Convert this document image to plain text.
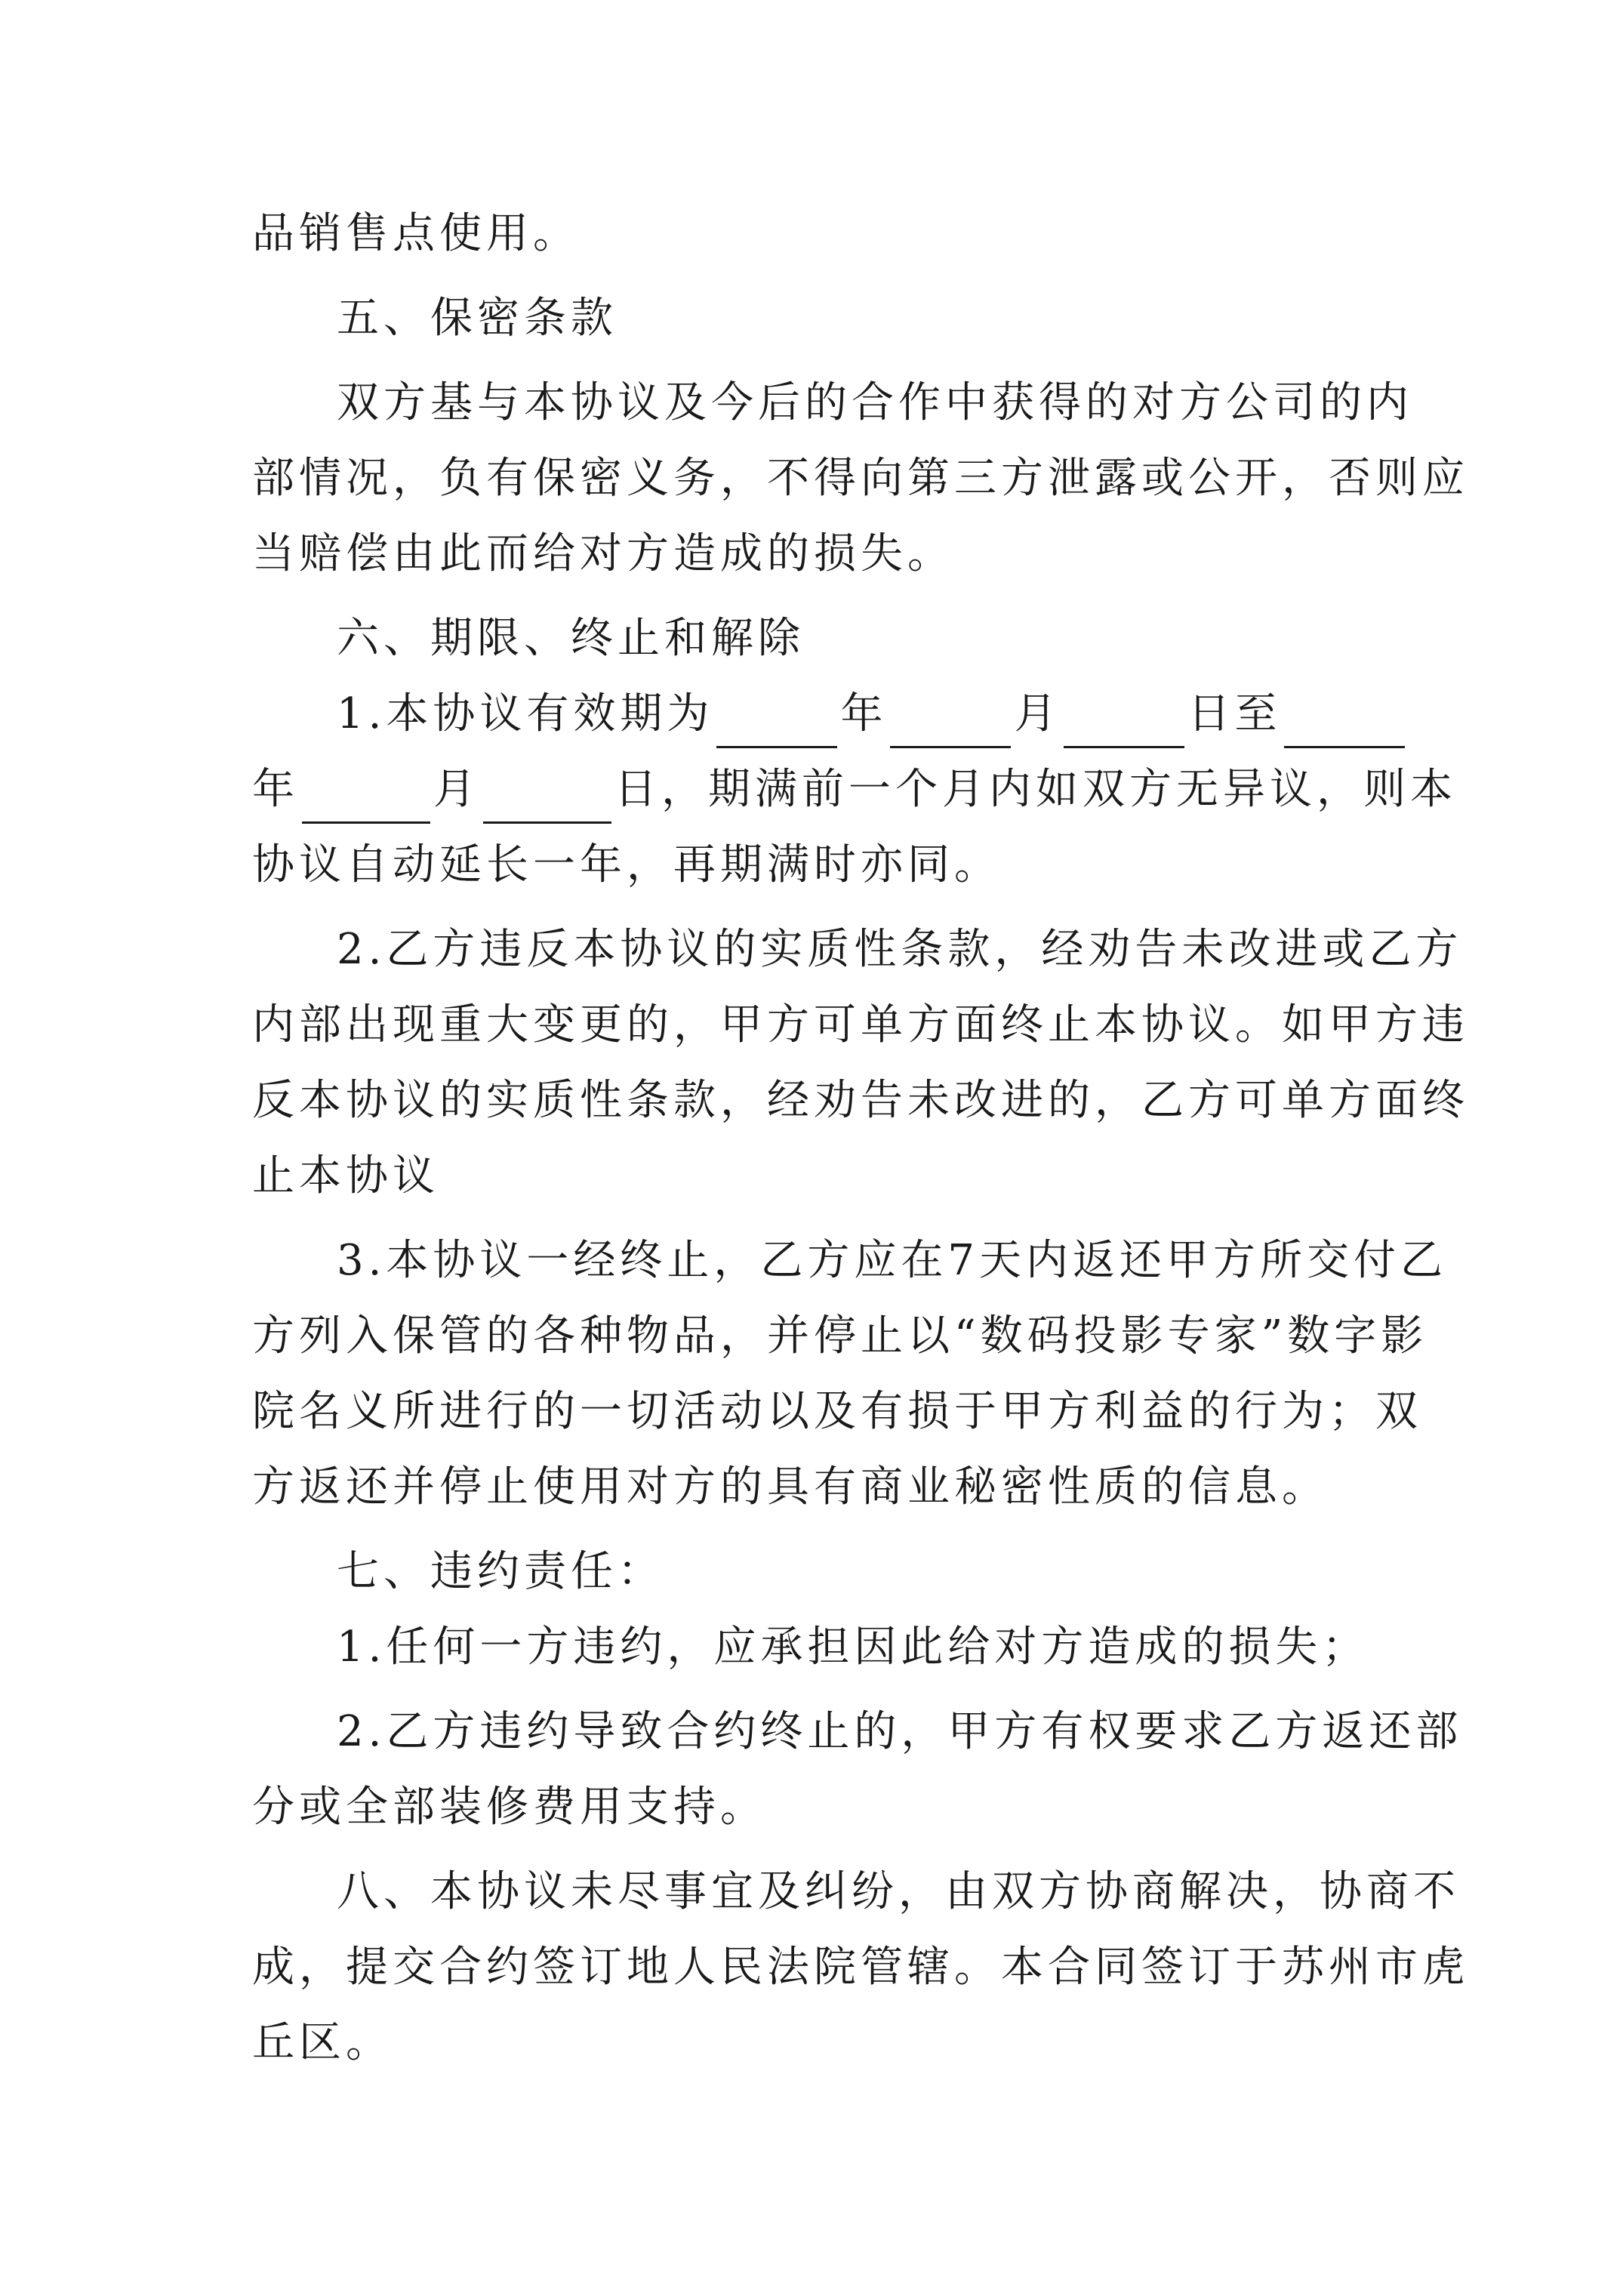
品销售点使用。
五、保密条款
双方基与本协议及今后的合作中获得的对方公司的内
部情况，负有保密义务，不得向第三方泄露或公开，否则应
当赔偿由此而给对方造成的损失。
六、期限、终止和解除
1.本协议有效期为	年	月	日至
年	月	日，期满前一个月内如双方无异议，则本
协议自动延长一年，再期满时亦同。
2.乙方违反本协议的实质性条款，经劝告未改进或乙方
内部出现重大变更的，甲方可单方面终止本协议。如甲方违
反本协议的实质性条款，经劝告未改进的，乙方可单方面终
止本协议
3.本协议一经终止，乙方应在7天内返还甲方所交付乙
方列入保管的各种物品，并停止以“数码投影专家”数字影
院名义所进行的一切活动以及有损于甲方利益的行为；双
方返还并停止使用对方的具有商业秘密性质的信息。
七、违约责任：
1.任何一方违约，应承担因此给对方造成的损失；
2.乙方违约导致合约终止的，甲方有权要求乙方返还部
分或全部装修费用支持。
八、本协议未尽事宜及纠纷，由双方协商解决，协商不
成，提交合约签订地人民法院管辖。本合同签订于苏州市虎
丘区。
